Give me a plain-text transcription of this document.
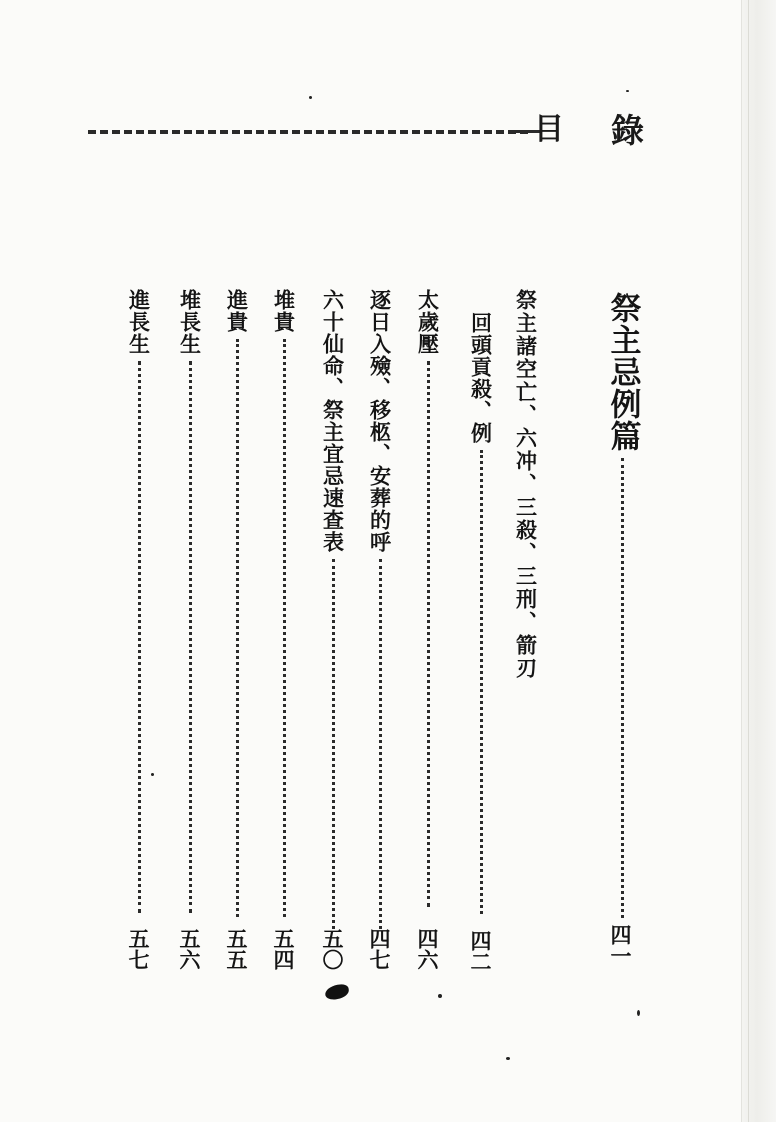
目 錄
祭主忌例篇
四一
祭主諸空亡、六冲、三殺、三刑、箭刃
回頭貢殺、例
四二
太歲壓
四六
逐日入殮、移柩、安葬的呼
四七
六十仙命、祭主宜忌速查表
五〇
堆貴
五四
進貴
五五
堆長生
五六
進長生
五七
